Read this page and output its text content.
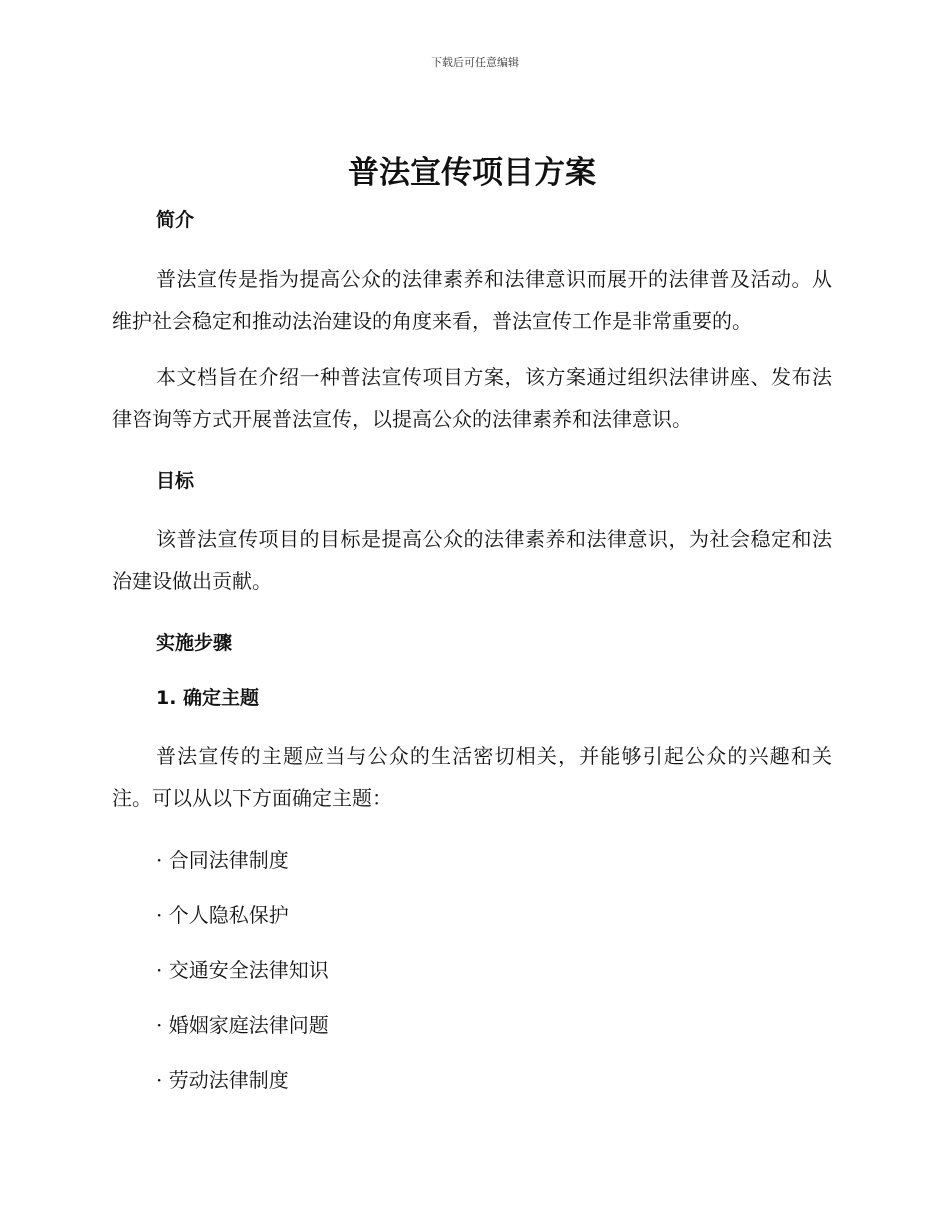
下载后可任意编辑
普法宣传项目方案
简介

普法宣传是指为提高公众的法律素养和法律意识而展开的法律普及活动。从维护社会稳定和推动法治建设的角度来看，普法宣传工作是非常重要的。

本文档旨在介绍一种普法宣传项目方案，该方案通过组织法律讲座、发布法律咨询等方式开展普法宣传，以提高公众的法律素养和法律意识。

目标

该普法宣传项目的目标是提高公众的法律素养和法律意识，为社会稳定和法治建设做出贡献。

实施步骤
1. 确定主题

普法宣传的主题应当与公众的生活密切相关，并能够引起公众的兴趣和关注。可以从以下方面确定主题：

· 合同法律制度
· 个人隐私保护
· 交通安全法律知识
· 婚姻家庭法律问题
· 劳动法律制度
